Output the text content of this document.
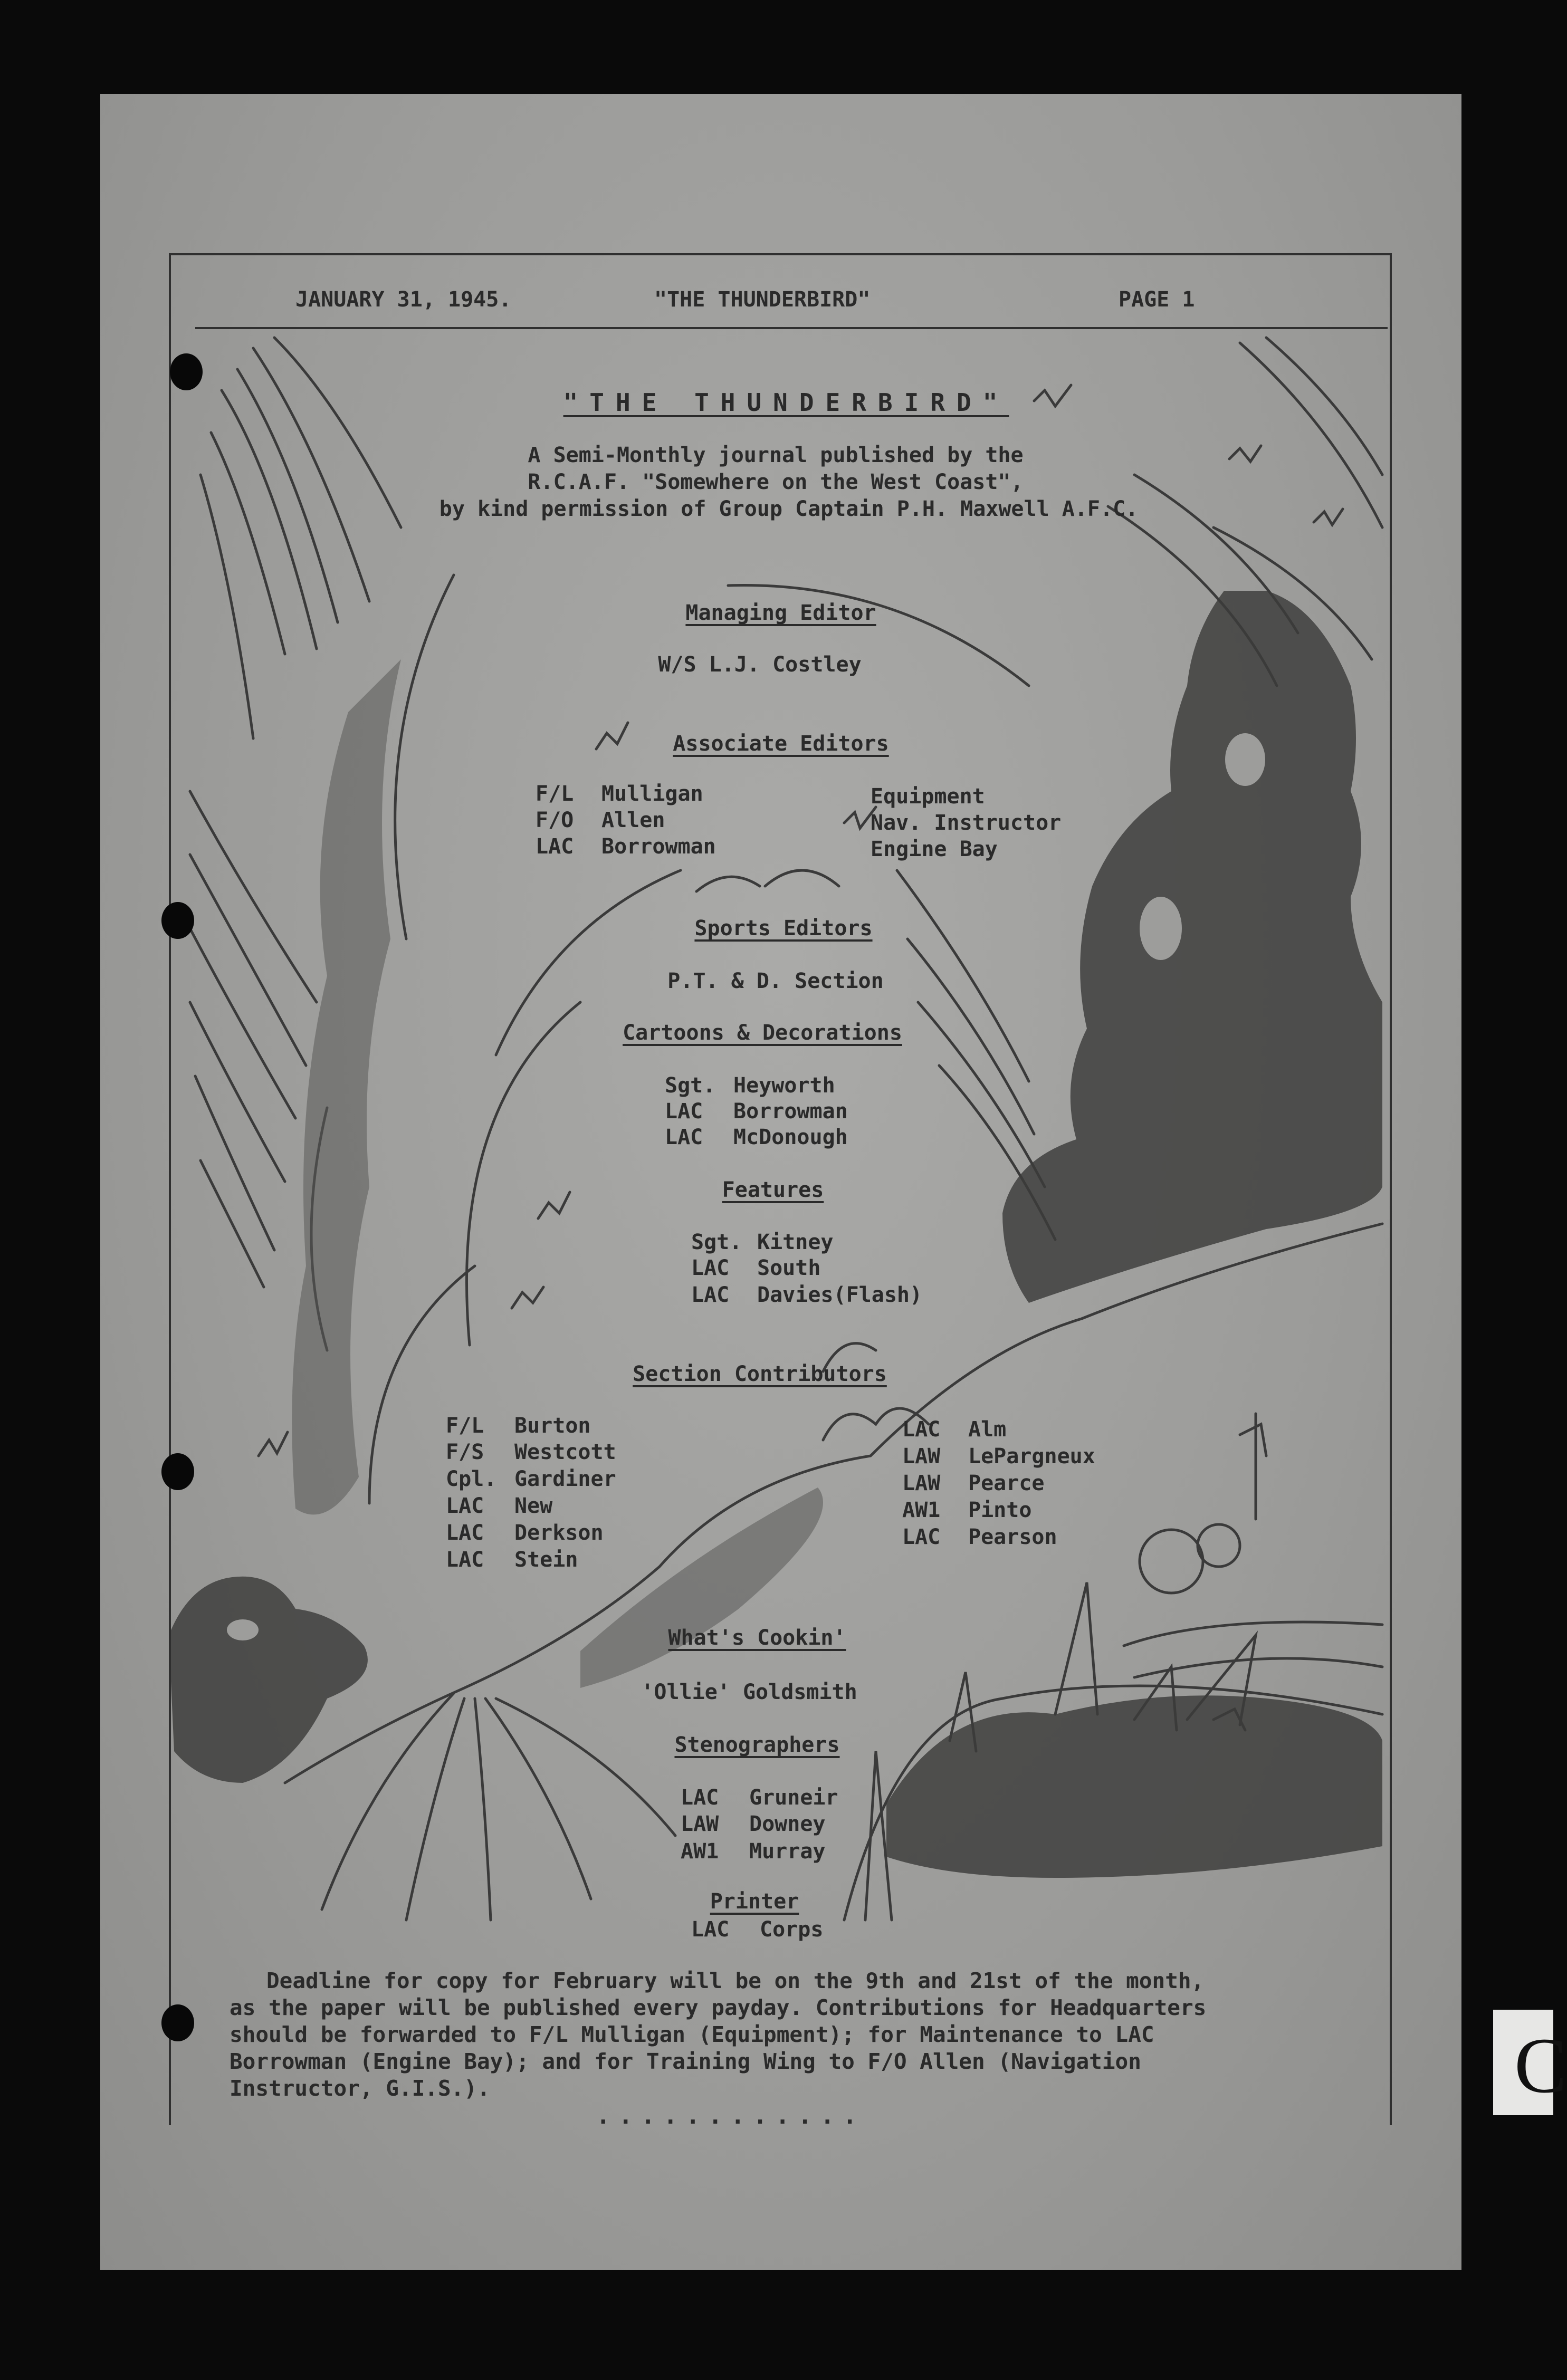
C
JANUARY 31, 1945.	"THE THUNDERBIRD"	PAGE 1
"THE THUNDERBIRD"
A Semi-Monthly journal published by the
R.C.A.F. "Somewhere on the West Coast",
by kind permission of Group Captain P.H. Maxwell A.F.C.
Managing Editor
W/S L.J. Costley
Associate Editors
F/L Mulligan	Equipment
F/O Allen	Nav. Instructor
LAC Borrowman	Engine Bay
Sports Editors
P.T. & D. Section
Cartoons & Decorations
Sgt. Heyworth
LAC Borrowman
LAC McDonough
Features
Sgt. Kitney
LAC South
LAC Davies(Flash)
Section Contributors
F/L Burton
F/S Westcott
Cpl. Gardiner
LAC New
LAC Derkson
LAC Stein
LAC Alm
LAW LePargneux
LAW Pearce
AW1 Pinto
LAC Pearson
What's Cookin'
'Ollie' Goldsmith
Stenographers
LAC Gruneir
LAW Downey
AW1 Murray
Printer
LAC Corps
Deadline for copy for February will be on the 9th and 21st of the month,
as the paper will be published every payday. Contributions for Headquarters
should be forwarded to F/L Mulligan (Equipment); for Maintenance to LAC
Borrowman (Engine Bay); and for Training Wing to F/O Allen (Navigation
Instructor, G.I.S.).
............
